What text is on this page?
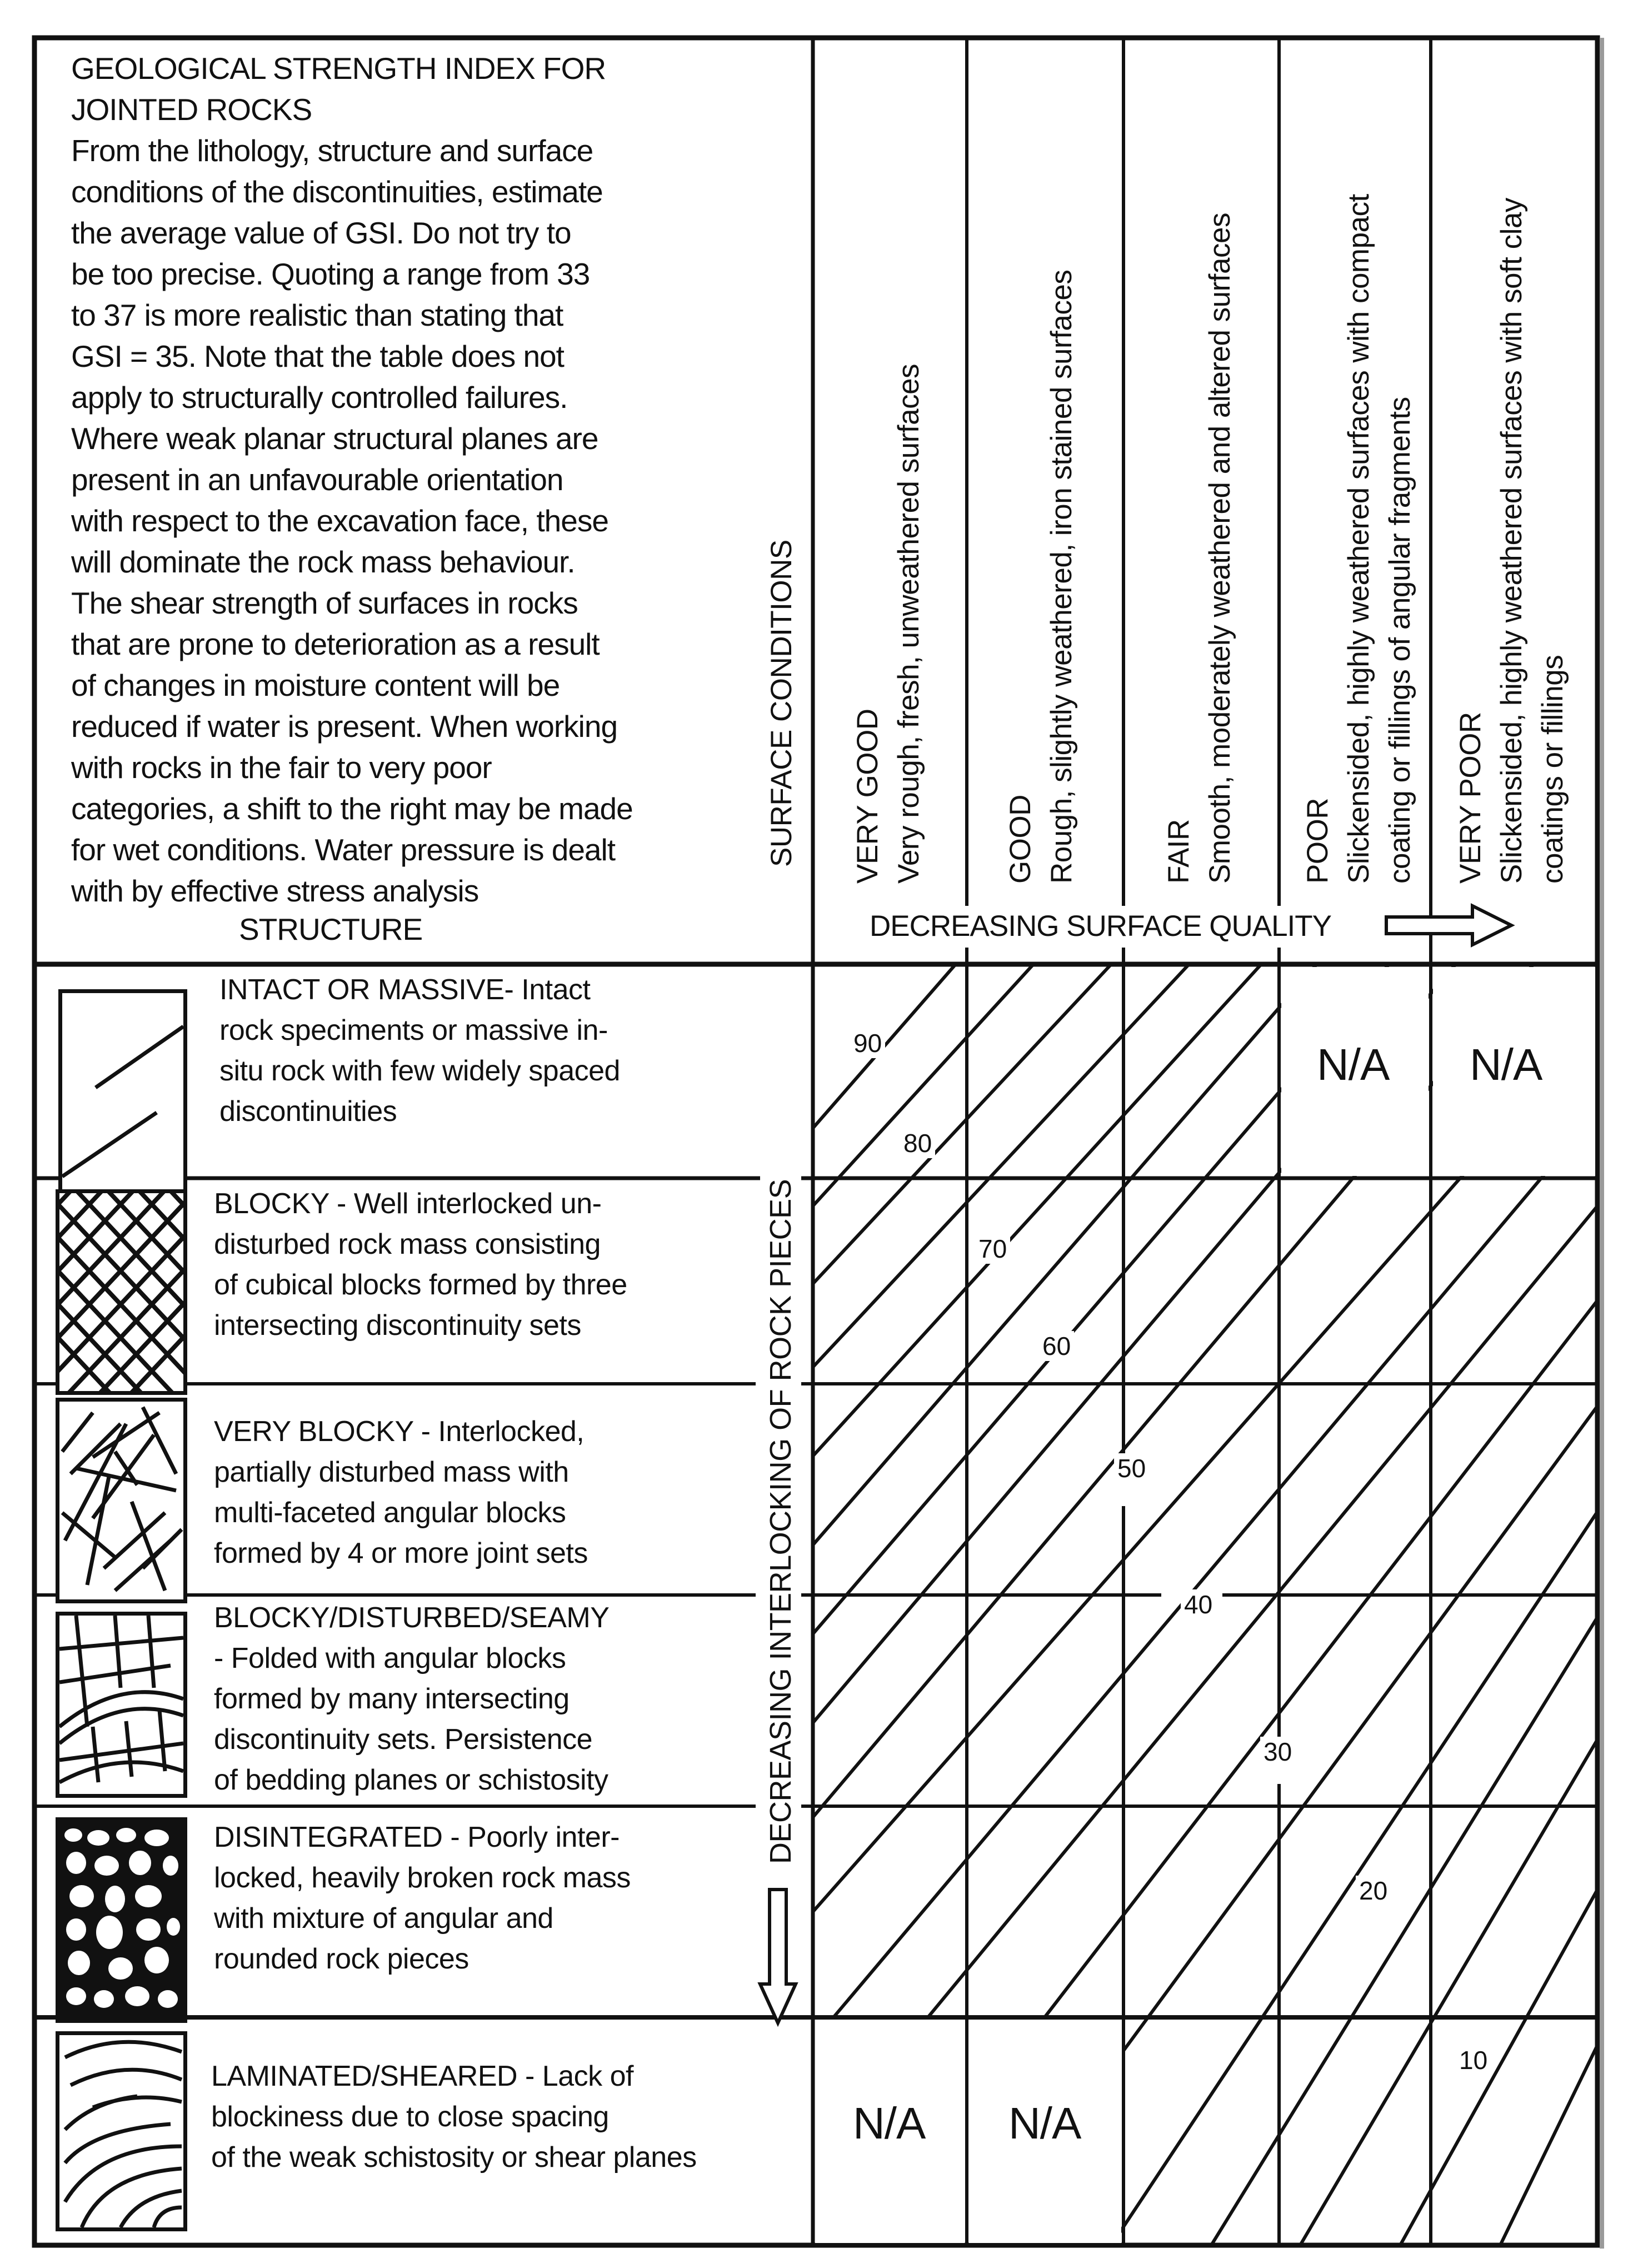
GEOLOGICAL STRENGTH INDEX FOR
JOINTED ROCKS
From the lithology, structure and surface
conditions of the discontinuities, estimate
the average value of GSI. Do not try to
be too precise. Quoting a range from 33
to 37 is more realistic than stating that
GSI = 35. Note that the table does not
apply to structurally controlled failures.
Where weak planar structural planes are
present in an unfavourable orientation
with respect to the excavation face, these
will dominate the rock mass behaviour.
The shear strength of surfaces in rocks
that are prone to deterioration as a result
of changes in moisture content will be
reduced if water is present. When working
with rocks in the fair to very poor
categories, a shift to the right may be made
for wet conditions. Water pressure is dealt
with by effective stress analysis
STRUCTURE
SURFACE CONDITIONS VERY GOOD Very rough, fresh, unweathered surfaces	GOOD Rough, slightly weathered, iron stained surfaces	FAIR Smooth, moderately weathered and altered surfaces POOR Slickensided, highly weathered surfaces with compact coating or fillings of angular fragments VERY POOR Slickensided, highly weathered surfaces with soft clay coatings or fillings
DECREASING SURFACE QUALITY
DECREASING INTERLOCKING OF ROCK PIECES
INTACT OR MASSIVE- Intact
rock speciments or massive in-
situ rock with few widely spaced
discontinuities
BLOCKY - Well interlocked un-
disturbed rock mass consisting
of cubical blocks formed by three
intersecting discontinuity sets
VERY BLOCKY - Interlocked,
partially disturbed mass with
multi-faceted angular blocks
formed by 4 or more joint sets
BLOCKY/DISTURBED/SEAMY
- Folded with angular blocks
formed by many intersecting
discontinuity sets. Persistence
of bedding planes or schistosity
DISINTEGRATED - Poorly inter-
locked, heavily broken rock mass
with mixture of angular and
rounded rock pieces
LAMINATED/SHEARED - Lack of
blockiness due to close spacing
of the weak schistosity or shear planes
N/A N/A
N/A N/A
90
80
70
60
50
40
30
20
10
